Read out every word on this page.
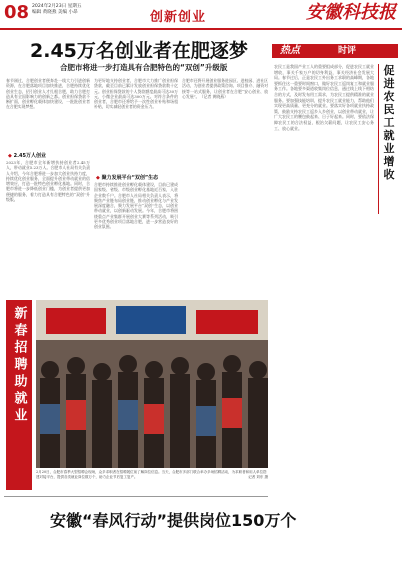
08 2024年2月23日 星期五
编辑 黄晓燕 美编 小昂	创新创业	安徽科技报
2.45万名创业者在肥逐梦
合肥市将进一步打造具有合肥特色的“双创”升级版
春节刚过，合肥创业者便奔赴一线大力引进创新资源，在合肥落地项目加快推进，合肥持续优化创业生态，招引创业人才扎根合肥，助力合肥打造具有全国影响力的创新之都。创业担保贷款不断扩面，创业孵化载体加快建设，一批批创业者在合肥实现梦想。
◆ 2.45万人创业
2023年，合肥市全年新增扶持创业者2.45万人，带动就业5.23万人。合肥市人社局有关负责人介绍，今年合肥将进一步加大创业扶持力度，持续优化创业服务，全面提升创业带动就业的倍增效应，打造一批特色创业孵化基地。同时，合肥市将进一步降低创业门槛，为创业者提供更加便捷的服务，着力打造具有合肥特色的“双创”升级版。
为更好地支持创业者，合肥市大力推广创业担保贷款，截至目前已累计发放创业担保贷款数十亿元。创业担保贷款的个人贷款额度最高可达30万元，小微企业最高可达300万元。对符合条件的创业者，合肥市还将给予一次性创业补贴和场租补贴，切实减轻创业者的资金压力。
◆ 聚力发展平台“双创”生态
合肥市持续推进创业孵化载体建设，目前已建成国家级、省级、市级创业孵化基地近百家，入驻企业数千户。合肥市人社局相关负责人表示，将聚焦产业链布局创业链，推动创业孵化与产业发展深度融合，聚力发展平台“双创”生态，以创业带动就业，以创新驱动发展。今年，合肥市将围绕重点产业集群开展创业大赛等系列活动，吸引更多优秀创业项目落地合肥，进一步营造良好的创业氛围。
合肥市还将开展创业服务进园区、进校园、进社区活动，为创业者提供政策咨询、项目推介、融资对接等一站式服务，让创业者在合肥“安心创业、放心发展”。（记者 黄晓燕）
新春招聘助就业
2月20日，合肥市春季大型招聘会现场，众多求职者在招聘展位前了解岗位信息。当天，合肥市多部门联合举办多场招聘活动，为求职者和用人单位搭建对接平台，提供各类就业岗位数万个，助力企业节后复工复产。	记者 刘东 摄
安徽“春风行动”提供岗位150万个
热点	时评
促进农民工就业增收
农民工是我国产业工人的重要组成部分，促进农民工就业增收，事关千家万户的切身利益，事关经济社会发展大局。春节过后，正是农民工外出务工求职的高峰期，各地要抓住这一重要时间窗口，做好农民工返岗复工和就业服务工作。各地要多渠道收集岗位信息，通过线上线下相结合的方式，及时发布用工需求，为农民工提供精准的就业服务。要加强技能培训，提升农民工就业能力，帮助他们实现更高质量、更充分的就业。要落实好各项就业扶持政策，鼓励支持农民工返乡入乡创业，以创业带动就业，让广大农民工的腰包鼓起来、日子好起来。同时，要依法保障农民工的合法权益，根治欠薪问题，让农民工安心务工、放心就业。
